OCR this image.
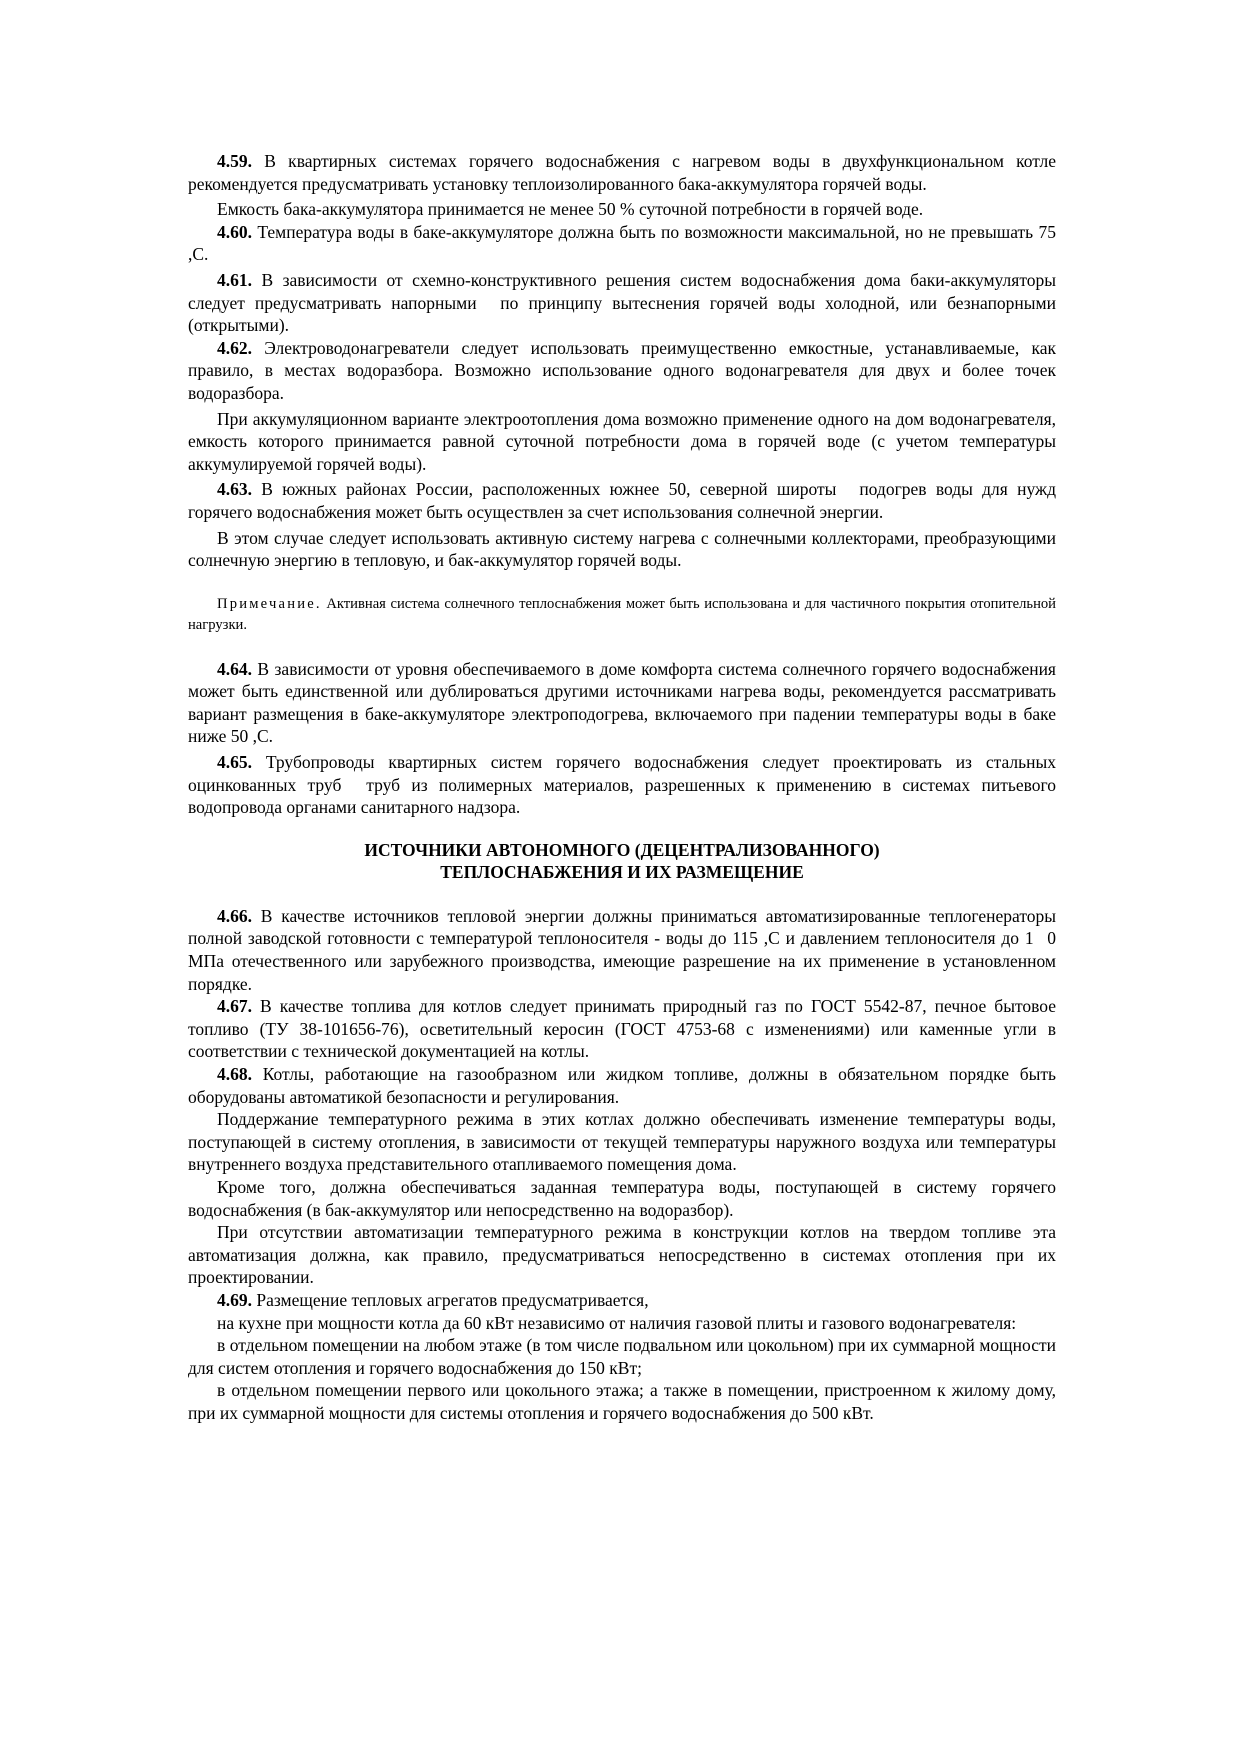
4.59. В квартирных системах горячего водоснабжения с нагревом воды в двухфункциональном котле рекомендуется предусматривать установку теплоизолированного бака-аккумулятора горячей воды.

Емкость бака-аккумулятора принимается не менее 50 % суточной потребности в горячей воде.

4.60. Температура воды в баке-аккумуляторе должна быть по возможности максимальной, но не превышать 75 ,С.

4.61. В зависимости от схемно-конструктивного решения систем водоснабжения дома баки-аккумуляторы следует предусматривать напорными  по принципу вытеснения горячей воды холодной, или безнапорными (открытыми).

4.62. Электроводонагреватели следует использовать преимущественно емкостные, устанавливаемые, как правило, в местах водоразбора. Возможно использование одного водонагревателя для двух и более точек водоразбора.

При аккумуляционном варианте электроотопления дома возможно применение одного на дом водонагревателя, емкость которого принимается равной суточной потребности дома в горячей воде (с учетом температуры аккумулируемой горячей воды).

4.63. В южных районах России, расположенных южнее 50, северной широты  подогрев воды для нужд горячего водоснабжения может быть осуществлен за счет использования солнечной энергии.

В этом случае следует использовать активную систему нагрева с солнечными коллекторами, преобразующими солнечную энергию в тепловую, и бак-аккумулятор горячей воды.

Примечание. Активная система солнечного теплоснабжения может быть использована и для частичного покрытия отопительной нагрузки.

4.64. В зависимости от уровня обеспечиваемого в доме комфорта система солнечного горячего водоснабжения может быть единственной или дублироваться другими источниками нагрева воды, рекомендуется рассматривать вариант размещения в баке-аккумуляторе электроподогрева, включаемого при падении температуры воды в баке ниже 50 ,С.

4.65. Трубопроводы квартирных систем горячего водоснабжения следует проектировать из стальных оцинкованных труб  труб из полимерных материалов, разрешенных к применению в системах питьевого водопровода органами санитарного надзора.

ИСТОЧНИКИ АВТОНОМНОГО (ДЕЦЕНТРАЛИЗОВАННОГО)
ТЕПЛОСНАБЖЕНИЯ И ИХ РАЗМЕЩЕНИЕ

4.66. В качестве источников тепловой энергии должны приниматься автоматизированные теплогенераторы полной заводской готовности с температурой теплоносителя - воды до 115 ,С и давлением теплоносителя до 1 0 МПа отечественного или зарубежного производства, имеющие разрешение на их применение в установленном порядке.

4.67. В качестве топлива для котлов следует принимать природный газ по ГОСТ 5542-87, печное бытовое топливо (ТУ 38-101656-76), осветительный керосин (ГОСТ 4753-68 с изменениями) или каменные угли в соответствии с технической документацией на котлы.

4.68. Котлы, работающие на газообразном или жидком топливе, должны в обязательном порядке быть оборудованы автоматикой безопасности и регулирования.

Поддержание температурного режима в этих котлах должно обеспечивать изменение температуры воды, поступающей в систему отопления, в зависимости от текущей температуры наружного воздуха или температуры внутреннего воздуха представительного отапливаемого помещения дома.

Кроме того, должна обеспечиваться заданная температура воды, поступающей в систему горячего водоснабжения (в бак-аккумулятор или непосредственно на водоразбор).

При отсутствии автоматизации температурного режима в конструкции котлов на твердом топливе эта автоматизация должна, как правило, предусматриваться непосредственно в системах отопления при их проектировании.

4.69. Размещение тепловых агрегатов предусматривается,

на кухне при мощности котла да 60 кВт независимо от наличия газовой плиты и газового водонагревателя:

в отдельном помещении на любом этаже (в том числе подвальном или цокольном) при их суммарной мощности для систем отопления и горячего водоснабжения до 150 кВт;

в отдельном помещении первого или цокольного этажа; а также в помещении, пристроенном к жилому дому, при их суммарной мощности для системы отопления и горячего водоснабжения до 500 кВт.
